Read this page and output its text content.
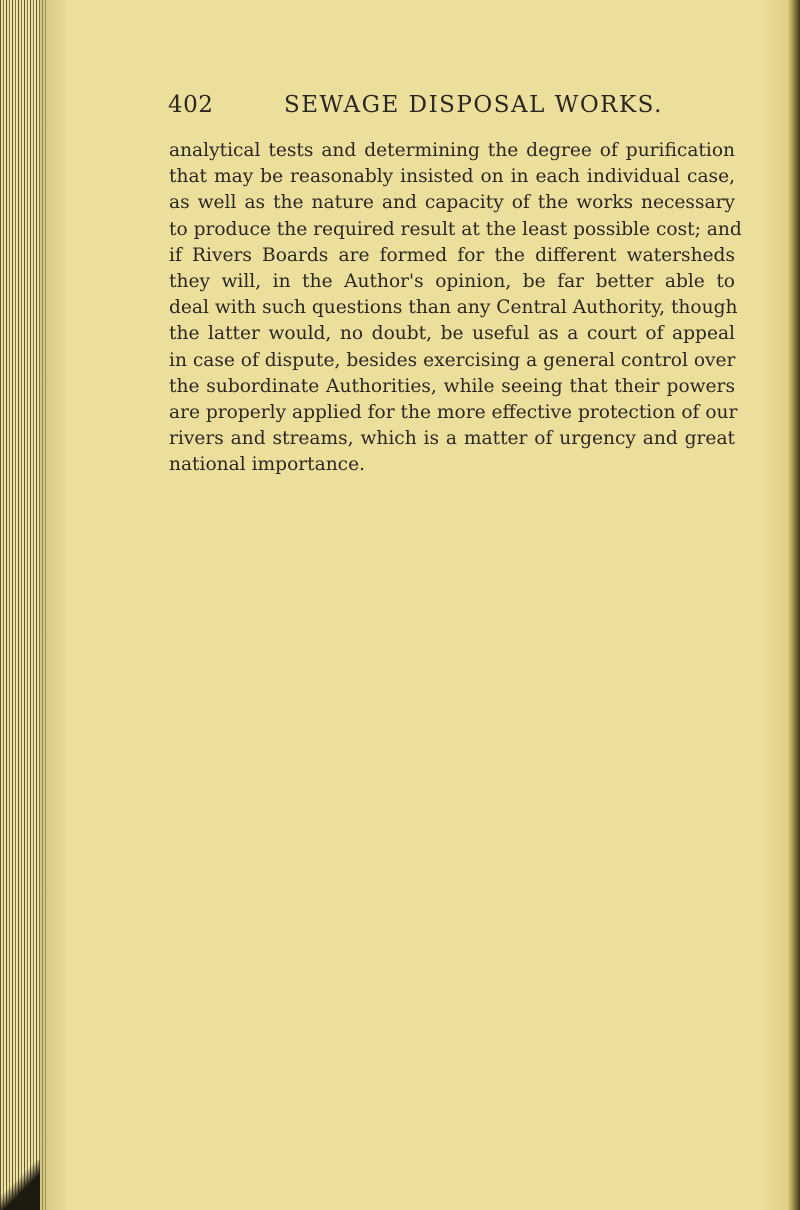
402	SEWAGE DISPOSAL WORKS.
analytical tests and determining the degree of purification
that may be reasonably insisted on in each individual case,
as well as the nature and capacity of the works necessary
to produce the required result at the least possible cost; and
if Rivers Boards are formed for the different watersheds
they will, in the Author's opinion, be far better able to
deal with such questions than any Central Authority, though
the latter would, no doubt, be useful as a court of appeal
in case of dispute, besides exercising a general control over
the subordinate Authorities, while seeing that their powers
are properly applied for the more effective protection of our
rivers and streams, which is a matter of urgency and great
national importance.
